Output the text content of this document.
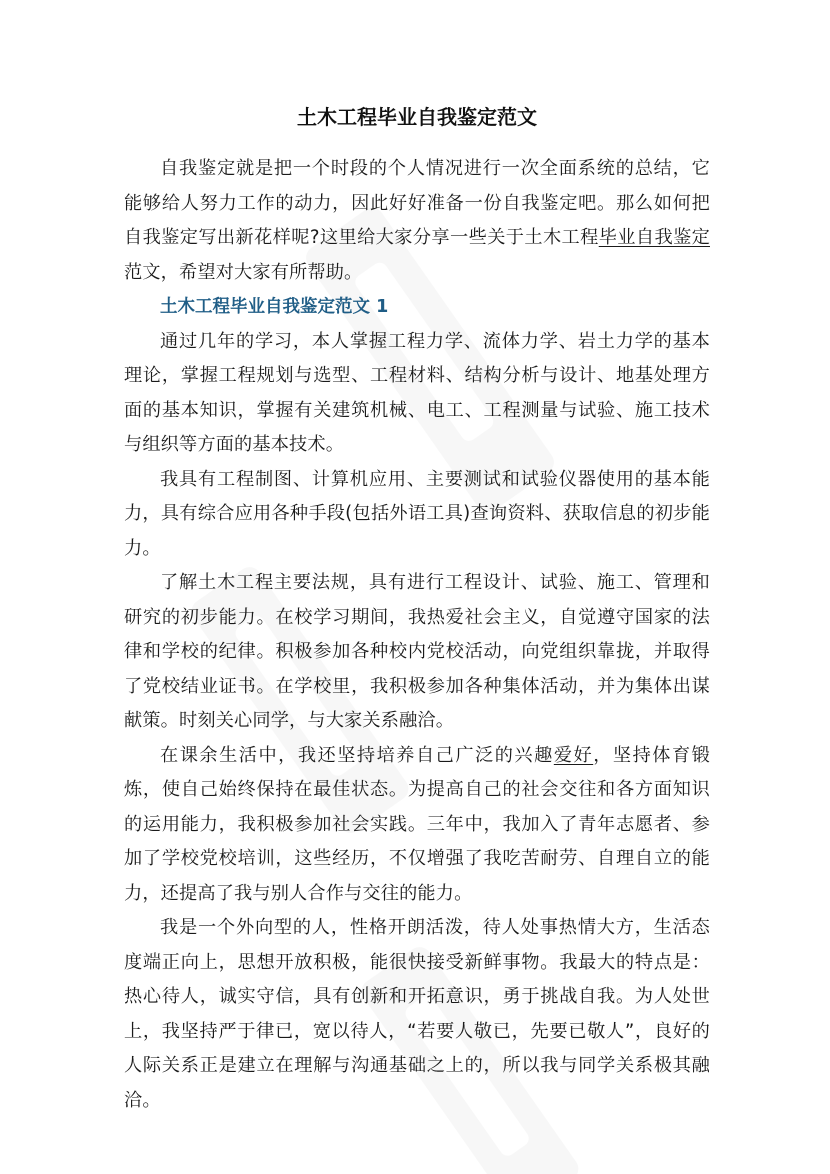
土木工程毕业自我鉴定范文

自我鉴定就是把一个时段的个人情况进行一次全面系统的总结，它能够给人努力工作的动力，因此好好准备一份自我鉴定吧。那么如何把自我鉴定写出新花样呢?这里给大家分享一些关于土木工程毕业自我鉴定范文，希望对大家有所帮助。

土木工程毕业自我鉴定范文 1

通过几年的学习，本人掌握工程力学、流体力学、岩土力学的基本理论，掌握工程规划与选型、工程材料、结构分析与设计、地基处理方面的基本知识，掌握有关建筑机械、电工、工程测量与试验、施工技术与组织等方面的基本技术。

我具有工程制图、计算机应用、主要测试和试验仪器使用的基本能力，具有综合应用各种手段(包括外语工具)查询资料、获取信息的初步能力。

了解土木工程主要法规，具有进行工程设计、试验、施工、管理和研究的初步能力。在校学习期间，我热爱社会主义，自觉遵守国家的法律和学校的纪律。积极参加各种校内党校活动，向党组织靠拢，并取得了党校结业证书。在学校里，我积极参加各种集体活动，并为集体出谋献策。时刻关心同学，与大家关系融洽。

在课余生活中，我还坚持培养自己广泛的兴趣爱好，坚持体育锻炼，使自己始终保持在最佳状态。为提高自己的社会交往和各方面知识的运用能力，我积极参加社会实践。三年中，我加入了青年志愿者、参加了学校党校培训，这些经历，不仅增强了我吃苦耐劳、自理自立的能力，还提高了我与别人合作与交往的能力。

我是一个外向型的人，性格开朗活泼，待人处事热情大方，生活态度端正向上，思想开放积极，能很快接受新鲜事物。我最大的特点是：热心待人，诚实守信，具有创新和开拓意识，勇于挑战自我。为人处世上，我坚持严于律已，宽以待人，“若要人敬已，先要已敬人”，良好的人际关系正是建立在理解与沟通基础之上的，所以我与同学关系极其融洽。
